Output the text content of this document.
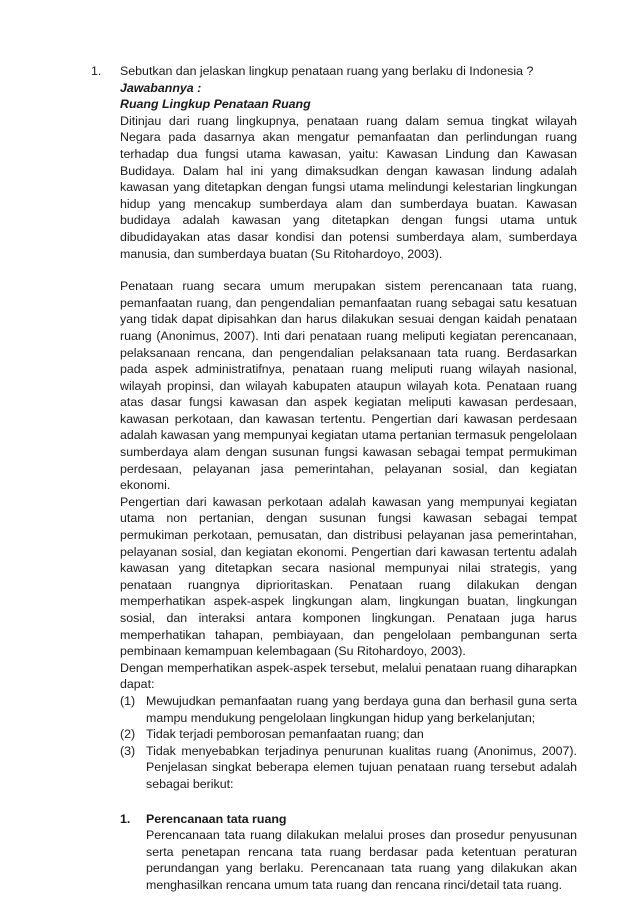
1. Sebutkan dan jelaskan lingkup penataan ruang yang berlaku di Indonesia ?

Jawabannya :

Ruang Lingkup Penataan Ruang

Ditinjau dari ruang lingkupnya, penataan ruang dalam semua tingkat wilayah Negara pada dasarnya akan mengatur pemanfaatan dan perlindungan ruang terhadap dua fungsi utama kawasan, yaitu: Kawasan Lindung dan Kawasan Budidaya. Dalam hal ini yang dimaksudkan dengan kawasan lindung adalah kawasan yang ditetapkan dengan fungsi utama melindungi kelestarian lingkungan hidup yang mencakup sumberdaya alam dan sumberdaya buatan. Kawasan budidaya adalah kawasan yang ditetapkan dengan fungsi utama untuk dibudidayakan atas dasar kondisi dan potensi sumberdaya alam, sumberdaya manusia, dan sumberdaya buatan (Su Ritohardoyo, 2003).

Penataan ruang secara umum merupakan sistem perencanaan tata ruang, pemanfaatan ruang, dan pengendalian pemanfaatan ruang sebagai satu kesatuan yang tidak dapat dipisahkan dan harus dilakukan sesuai dengan kaidah penataan ruang (Anonimus, 2007). Inti dari penataan ruang meliputi kegiatan perencanaan, pelaksanaan rencana, dan pengendalian pelaksanaan tata ruang. Berdasarkan pada aspek administratifnya, penataan ruang meliputi ruang wilayah nasional, wilayah propinsi, dan wilayah kabupaten ataupun wilayah kota. Penataan ruang atas dasar fungsi kawasan dan aspek kegiatan meliputi kawasan perdesaan, kawasan perkotaan, dan kawasan tertentu. Pengertian dari kawasan perdesaan adalah kawasan yang mempunyai kegiatan utama pertanian termasuk pengelolaan sumberdaya alam dengan susunan fungsi kawasan sebagai tempat permukiman perdesaan, pelayanan jasa pemerintahan, pelayanan sosial, dan kegiatan ekonomi.

Pengertian dari kawasan perkotaan adalah kawasan yang mempunyai kegiatan utama non pertanian, dengan susunan fungsi kawasan sebagai tempat permukiman perkotaan, pemusatan, dan distribusi pelayanan jasa pemerintahan, pelayanan sosial, dan kegiatan ekonomi. Pengertian dari kawasan tertentu adalah kawasan yang ditetapkan secara nasional mempunyai nilai strategis, yang penataan ruangnya diprioritaskan. Penataan ruang dilakukan dengan memperhatikan aspek-aspek lingkungan alam, lingkungan buatan, lingkungan sosial, dan interaksi antara komponen lingkungan. Penataan juga harus memperhatikan tahapan, pembiayaan, dan pengelolaan pembangunan serta pembinaan kemampuan kelembagaan (Su Ritohardoyo, 2003).

Dengan memperhatikan aspek-aspek tersebut, melalui penataan ruang diharapkan dapat:

(1) Mewujudkan pemanfaatan ruang yang berdaya guna dan berhasil guna serta mampu mendukung pengelolaan lingkungan hidup yang berkelanjutan;
(2) Tidak terjadi pemborosan pemanfaatan ruang; dan
(3) Tidak menyebabkan terjadinya penurunan kualitas ruang (Anonimus, 2007). Penjelasan singkat beberapa elemen tujuan penataan ruang tersebut adalah sebagai berikut:
1.	Perencanaan tata ruang

Perencanaan tata ruang dilakukan melalui proses dan prosedur penyusunan serta penetapan rencana tata ruang berdasar pada ketentuan peraturan perundangan yang berlaku. Perencanaan tata ruang yang dilakukan akan menghasilkan rencana umum tata ruang dan rencana rinci/detail tata ruang.
